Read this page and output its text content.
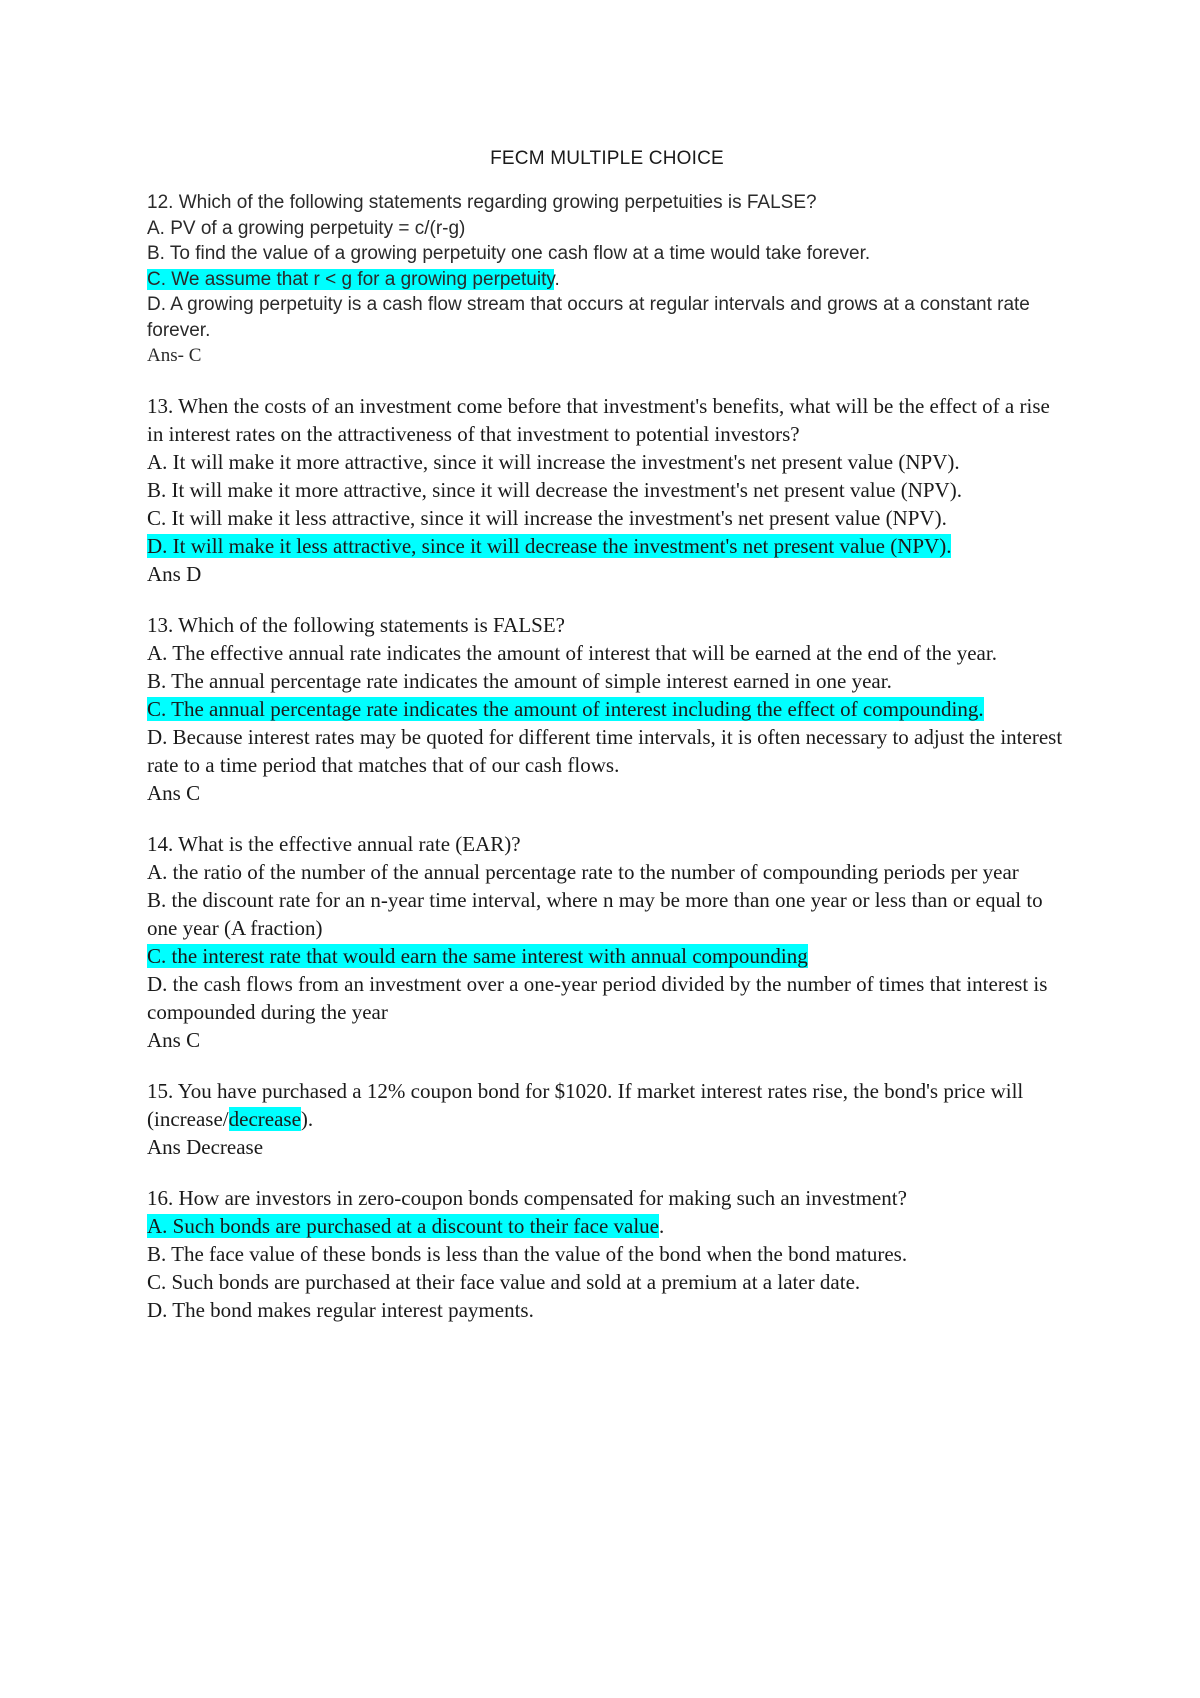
FECM MULTIPLE CHOICE

12. Which of the following statements regarding growing perpetuities is FALSE?

A. PV of a growing perpetuity = c/(r-g)

B. To find the value of a growing perpetuity one cash flow at a time would take forever.

C. We assume that r < g for a growing perpetuity.

D. A growing perpetuity is a cash flow stream that occurs at regular intervals and grows at a constant rate forever.

Ans- C

13. When the costs of an investment come before that investment's benefits, what will be the effect of a rise in interest rates on the attractiveness of that investment to potential investors?

A. It will make it more attractive, since it will increase the investment's net present value (NPV).

B. It will make it more attractive, since it will decrease the investment's net present value (NPV).

C. It will make it less attractive, since it will increase the investment's net present value (NPV).

D. It will make it less attractive, since it will decrease the investment's net present value (NPV).

Ans D

13. Which of the following statements is FALSE?

A. The effective annual rate indicates the amount of interest that will be earned at the end of the year.

B. The annual percentage rate indicates the amount of simple interest earned in one year.

C. The annual percentage rate indicates the amount of interest including the effect of compounding.

D. Because interest rates may be quoted for different time intervals, it is often necessary to adjust the interest rate to a time period that matches that of our cash flows.

Ans C

14. What is the effective annual rate (EAR)?

A. the ratio of the number of the annual percentage rate to the number of compounding periods per year

B. the discount rate for an n-year time interval, where n may be more than one year or less than or equal to one year (A fraction)

C. the interest rate that would earn the same interest with annual compounding

D. the cash flows from an investment over a one-year period divided by the number of times that interest is compounded during the year

Ans C

15. You have purchased a 12% coupon bond for $1020. If market interest rates rise, the bond's price will (increase/decrease).

Ans Decrease

16. How are investors in zero-coupon bonds compensated for making such an investment?

A. Such bonds are purchased at a discount to their face value.

B. The face value of these bonds is less than the value of the bond when the bond matures.

C. Such bonds are purchased at their face value and sold at a premium at a later date.

D. The bond makes regular interest payments.
